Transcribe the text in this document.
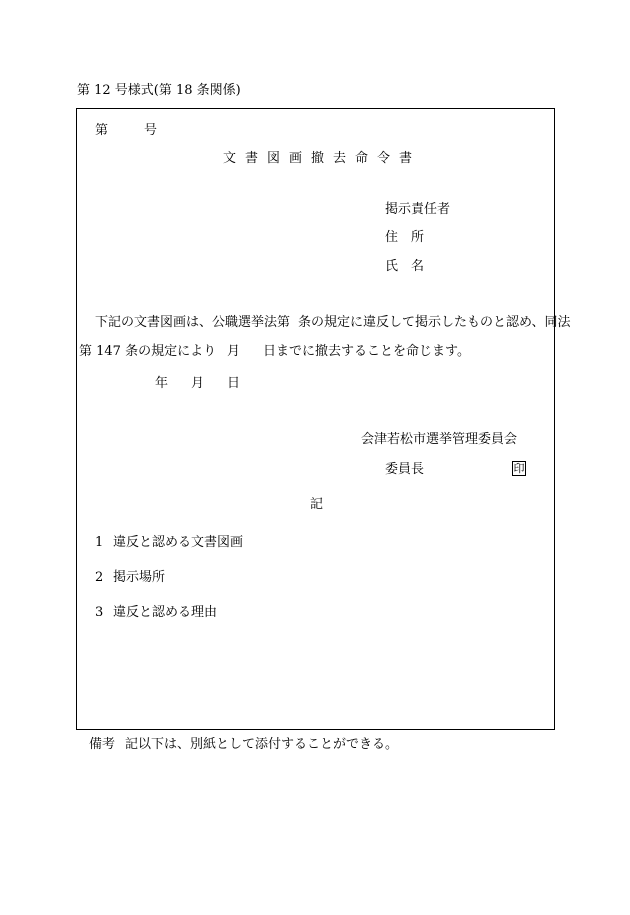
第 12 号様式(第 18 条関係)
第	号
文 書 図 画 撤 去 命 令 書
掲示責任者
住　所
氏　名
下記の文書図画は、公職選挙法第 条の規定に違反して掲示したものと認め、同法
第 147 条の規定により 月 日までに撤去することを命じます。
年 月 日
会津若松市選挙管理委員会
委員長	印
記
1 違反と認める文書図画
2 掲示場所
3 違反と認める理由
備考 記以下は、別紙として添付することができる。
